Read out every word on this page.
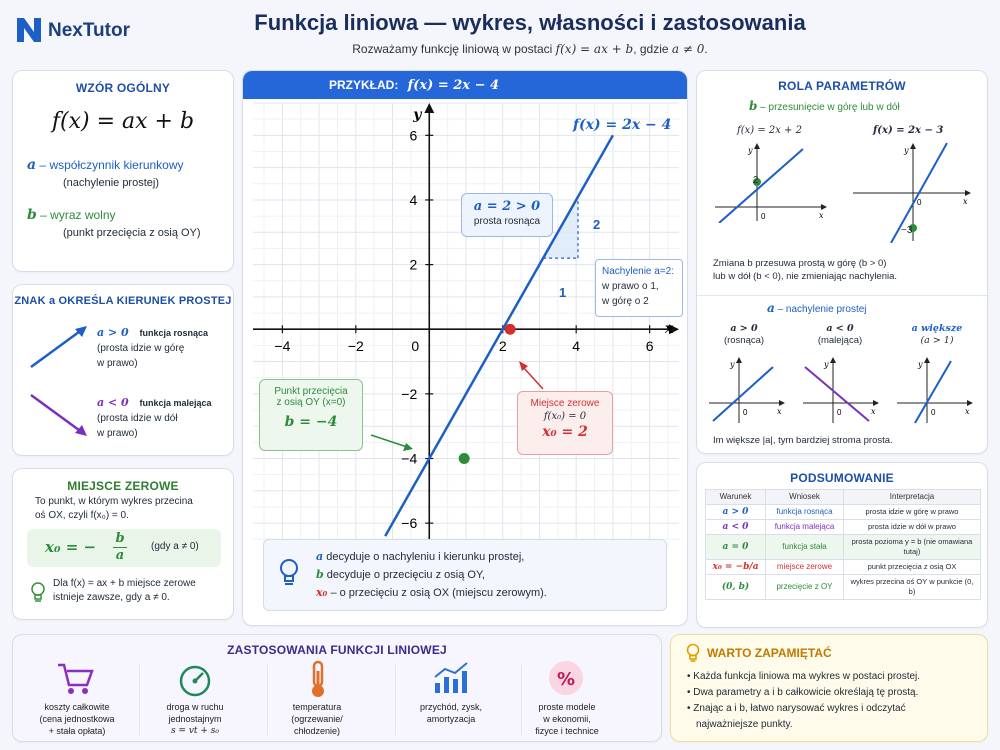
NexTutor	Funkcja liniowa — wykres, własności i zastosowania
Rozważamy funkcję liniową w postaci f(x) = ax + b, gdzie a ≠ 0.
WZÓR OGÓLNY
f(x) = ax + b
a – współczynnik kierunkowy
(nachylenie prostej)
b – wyraz wolny
(punkt przecięcia z osią OY)
ZNAK a OKREŚLA KIERUNEK PROSTEJ
a > 0 funkcja rosnąca
(prosta idzie w górę
w prawo)
a < 0 funkcja malejąca
(prosta idzie w dół
w prawo)
MIEJSCE ZEROWE
To punkt, w którym wykres przecina
oś OX, czyli f(x₀) = 0.
x₀ = − $\frac{b}{a} (gdy$ a ≠ 0)
Dla f(x) = ax + b miejsce zerowe
istnieje zawsze, gdy a ≠ 0.
PRZYKŁAD: f(x) = 2x − 4
x
y
−4	−2	2	4	6
0
6
4
2
−2
−4
−6
f(x) = 2x − 4
a = 2 > 0
prosta rosnąca	2
1
Nachylenie a=2:
w prawo o 1,
w górę o 2
Punkt przecięcia
z osią OY (x=0)
b = −4
Miejsce zerowe
f(x₀) = 0
x₀ = 2
a decyduje o nachyleniu i kierunku prostej,
b decyduje o przecięciu z osią OY,
x₀ – o przecięciu z osią OX (miejscu zerowym).
ROLA PARAMETRÓW
b – przesunięcie w górę lub w dół
f(x) = 2x + 2	f(x) = 2x − 3
y
x
0
y
x
0
2
−3
Zmiana b przesuwa prostą w górę (b > 0)
lub w dół (b < 0), nie zmieniając nachylenia.
a – nachylenie prostej
a > 0
(rosnąca)
a < 0
(malejąca)
a większe
(a > 1)
y
x
0
y
x
0
y
x
0
Im większe |a|, tym bardziej stroma prosta.
PODSUMOWANIE
Warunek	Wniosek	Interpretacja
a > 0	funkcja rosnąca	prosta idzie w górę w prawo
a < 0	funkcja malejąca	prosta idzie w dół w prawo
a = 0	funkcja stała	prosta pozioma y = b (nie omawiana tutaj)
x₀ = −b/a	miejsce zerowe	punkt przecięcia z osią OX
(0, b)	przecięcie z OY	wykres przecina oś OY w punkcie (0, b)
ZASTOSOWANIA FUNKCJI LINIOWEJ
%
koszty całkowite
(cena jednostkowa
+ stała opłata)
droga w ruchu
jednostajnym
s = vt + s₀
temperatura
(ogrzewanie/
chłodzenie)
przychód, zysk,
amortyzacja
proste modele
w ekonomii,
fizyce i technice
WARTO ZAPAMIĘTAĆ
• Każda funkcja liniowa ma wykres w postaci prostej.
• Dwa parametry a i b całkowicie określają tę prostą.
• Znając a i b, łatwo narysować wykres i odczytać
najważniejsze punkty.
